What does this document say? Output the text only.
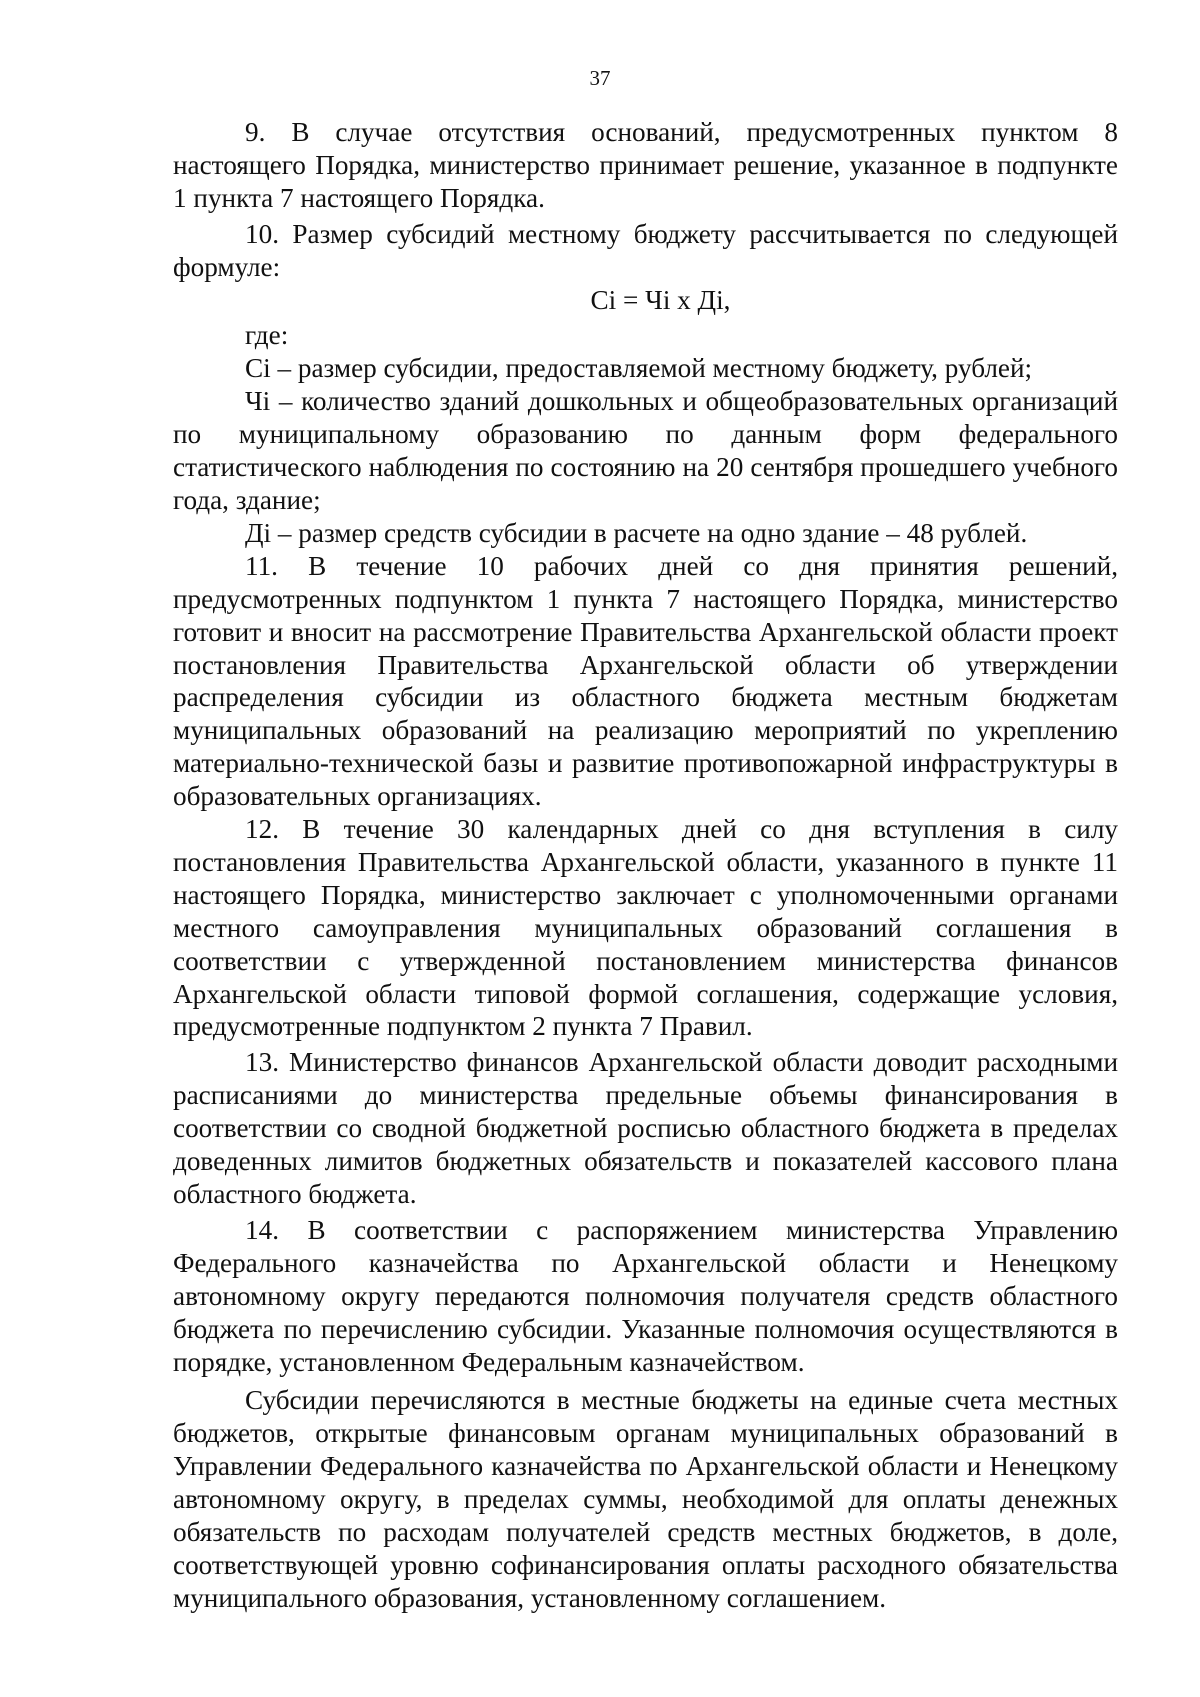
37

9. В случае отсутствия оснований, предусмотренных пунктом 8 настоящего Порядка, министерство принимает решение, указанное в подпункте 1 пункта 7 настоящего Порядка.

10. Размер субсидий местному бюджету рассчитывается по следующей формуле:

Сі = Чі х Ді,

где:

Сі – размер субсидии, предоставляемой местному бюджету, рублей;

Чі – количество зданий дошкольных и общеобразовательных организаций по муниципальному образованию по данным форм федерального статистического наблюдения по состоянию на 20 сентября прошедшего учебного года, здание;

Ді – размер средств субсидии в расчете на одно здание – 48 рублей.

11. В течение 10 рабочих дней со дня принятия решений, предусмотренных подпунктом 1 пункта 7 настоящего Порядка, министерство готовит и вносит на рассмотрение Правительства Архангельской области проект постановления Правительства Архангельской области об утверждении распределения субсидии из областного бюджета местным бюджетам муниципальных образований на реализацию мероприятий по укреплению материально-технической базы и развитие противопожарной инфраструктуры в образовательных организациях.

12. В течение 30 календарных дней со дня вступления в силу постановления Правительства Архангельской области, указанного в пункте 11 настоящего Порядка, министерство заключает с уполномоченными органами местного самоуправления муниципальных образований соглашения в соответствии с утвержденной постановлением министерства финансов Архангельской области типовой формой соглашения, содержащие условия, предусмотренные подпунктом 2 пункта 7 Правил.

13. Министерство финансов Архангельской области доводит расходными расписаниями до министерства предельные объемы финансирования в соответствии со сводной бюджетной росписью областного бюджета в пределах доведенных лимитов бюджетных обязательств и показателей кассового плана областного бюджета.

14. В соответствии с распоряжением министерства Управлению Федерального казначейства по Архангельской области и Ненецкому автономному округу передаются полномочия получателя средств областного бюджета по перечислению субсидии. Указанные полномочия осуществляются в порядке, установленном Федеральным казначейством.

Субсидии перечисляются в местные бюджеты на единые счета местных бюджетов, открытые финансовым органам муниципальных образований в Управлении Федерального казначейства по Архангельской области и Ненецкому автономному округу, в пределах суммы, необходимой для оплаты денежных обязательств по расходам получателей средств местных бюджетов, в доле, соответствующей уровню софинансирования оплаты расходного обязательства муниципального образования, установленному соглашением.
